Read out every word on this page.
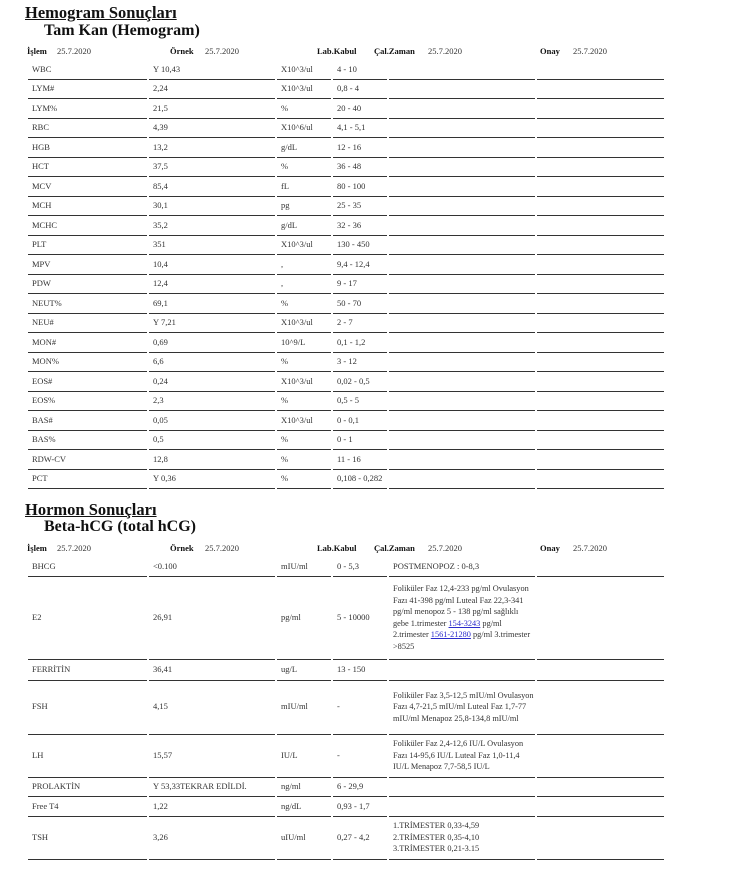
Hemogram Sonuçları
Tam Kan (Hemogram)
İşlem 25.7.2020	Örnek 25.7.2020	Lab.Kabul Çal.Zaman 25.7.2020	Onay 25.7.2020
WBC	Y 10,43	X10^3/ul	4 - 10		
LYM#	2,24	X10^3/ul	0,8 - 4		
LYM%	21,5	%	20 - 40		
RBC	4,39	X10^6/ul	4,1 - 5,1		
HGB	13,2	g/dL	12 - 16		
HCT	37,5	%	36 - 48		
MCV	85,4	fL	80 - 100		
MCH	30,1	pg	25 - 35		
MCHC	35,2	g/dL	32 - 36		
PLT	351	X10^3/ul	130 - 450		
MPV	10,4	,	9,4 - 12,4		
PDW	12,4	,	9 - 17		
NEUT%	69,1	%	50 - 70		
NEU#	Y 7,21	X10^3/ul	2 - 7		
MON#	0,69	10^9/L	0,1 - 1,2		
MON%	6,6	%	3 - 12		
EOS#	0,24	X10^3/ul	0,02 - 0,5		
EOS%	2,3	%	0,5 - 5		
BAS#	0,05	X10^3/ul	0 - 0,1		
BAS%	0,5	%	0 - 1		
RDW-CV	12,8	%	11 - 16		
PCT	Y 0,36	%	0,108 - 0,282		
Hormon Sonuçları
Beta-hCG (total hCG)
İşlem 25.7.2020	Örnek 25.7.2020	Lab.Kabul Çal.Zaman 25.7.2020	Onay 25.7.2020
BHCG	<0.100	mIU/ml	0 - 5,3	POSTMENOPOZ : 0-8,3	
E2	26,91	pg/ml	5 - 10000	Foliküler Faz 12,4-233 pg/ml Ovulasyon Fazı 41-398 pg/ml Luteal Faz 22,3-341 pg/ml menopoz 5 - 138 pg/ml sağlıklı gebe 1.trimester 154-3243 pg/ml 2.trimester 1561-21280 pg/ml 3.trimester >8525	
FERRİTİN	36,41	ug/L	13 - 150		
FSH	4,15	mIU/ml	-	Foliküler Faz 3,5-12,5 mIU/ml Ovulasyon Fazı 4,7-21,5 mIU/ml Luteal Faz 1,7-77 mIU/ml Menapoz 25,8-134,8 mIU/ml	
LH	15,57	IU/L	-	Foliküler Faz 2,4-12,6 IU/L Ovulasyon Fazı 14-95,6 IU/L Luteal Faz 1,0-11,4 IU/L Menapoz 7,7-58,5 IU/L	
PROLAKTİN	Y 53,33TEKRAR EDİLDİ.	ng/ml	6 - 29,9		
Free T4	1,22	ng/dL	0,93 - 1,7		
TSH	3,26	uIU/ml	0,27 - 4,2	1.TRİMESTER 0,33-4,59
2.TRİMESTER 0,35-4,10
3.TRİMESTER 0,21-3.15	
